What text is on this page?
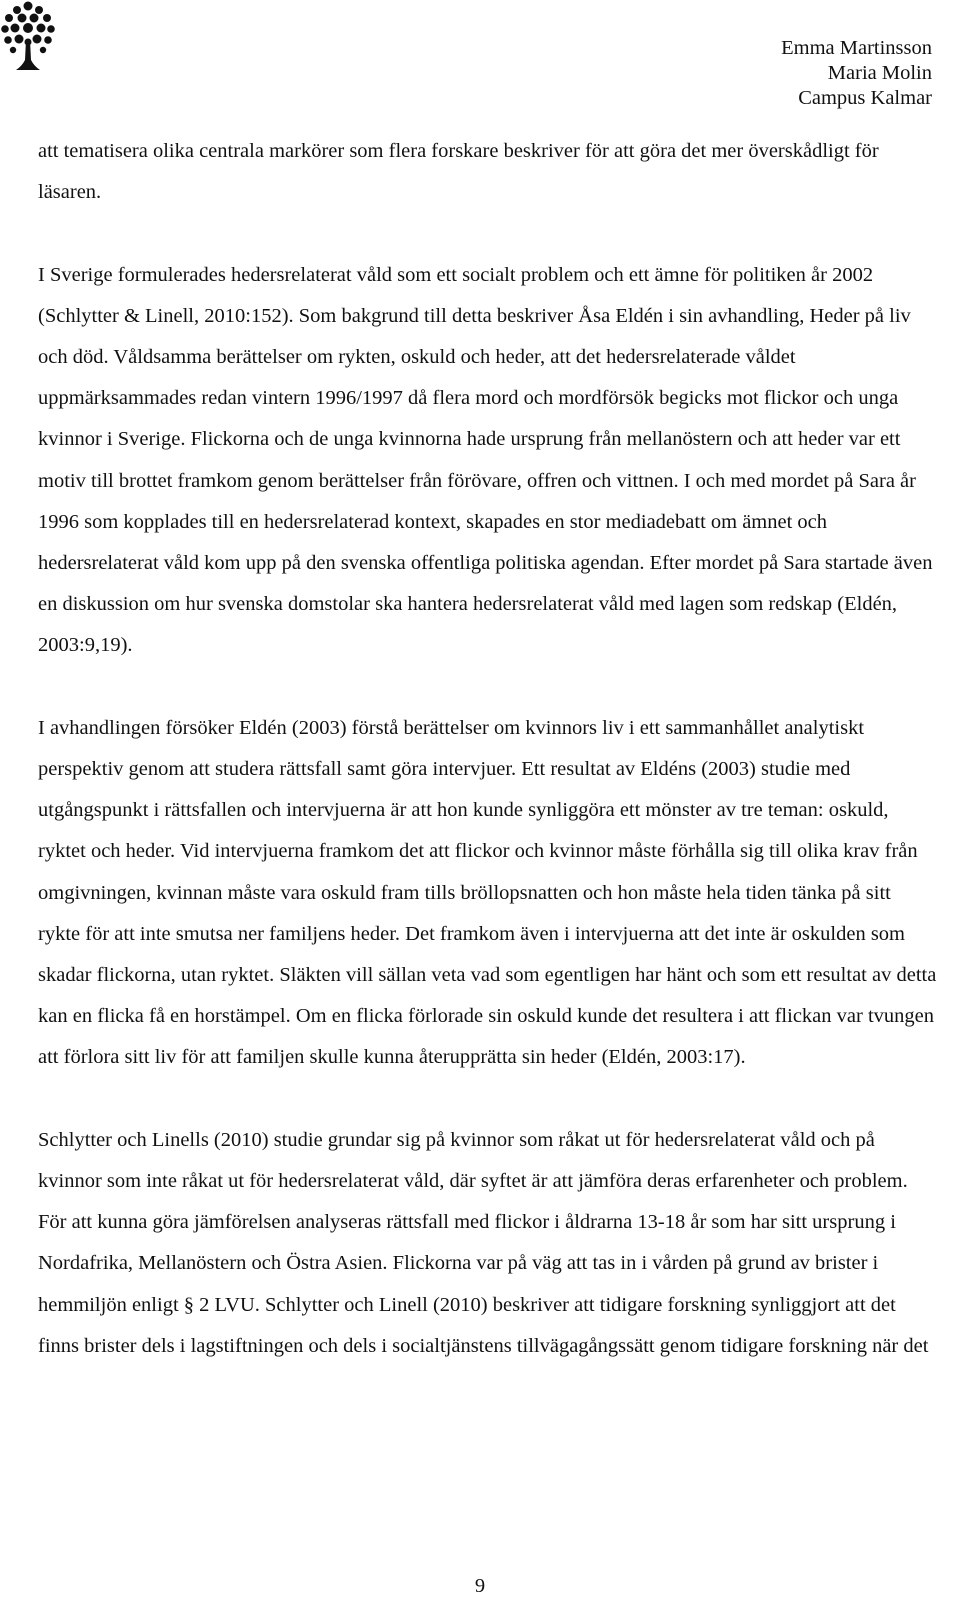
Emma Martinsson
Maria Molin
Campus Kalmar

att tematisera olika centrala markörer som flera forskare beskriver för att göra det mer överskådligt för läsaren.

I Sverige formulerades hedersrelaterat våld som ett socialt problem och ett ämne för politiken år 2002 (Schlytter & Linell, 2010:152). Som bakgrund till detta beskriver Åsa Eldén i sin avhandling, Heder på liv och död. Våldsamma berättelser om rykten, oskuld och heder, att det hedersrelaterade våldet uppmärksammades redan vintern 1996/1997 då flera mord och mordförsök begicks mot flickor och unga kvinnor i Sverige. Flickorna och de unga kvinnorna hade ursprung från mellanöstern och att heder var ett motiv till brottet framkom genom berättelser från förövare, offren och vittnen. I och med mordet på Sara år 1996 som kopplades till en hedersrelaterad kontext, skapades en stor mediadebatt om ämnet och hedersrelaterat våld kom upp på den svenska offentliga politiska agendan. Efter mordet på Sara startade även en diskussion om hur svenska domstolar ska hantera hedersrelaterat våld med lagen som redskap (Eldén, 2003:9,19).

I avhandlingen försöker Eldén (2003) förstå berättelser om kvinnors liv i ett sammanhållet analytiskt perspektiv genom att studera rättsfall samt göra intervjuer. Ett resultat av Eldéns (2003) studie med utgångspunkt i rättsfallen och intervjuerna är att hon kunde synliggöra ett mönster av tre teman: oskuld, ryktet och heder. Vid intervjuerna framkom det att flickor och kvinnor måste förhålla sig till olika krav från omgivningen, kvinnan måste vara oskuld fram tills bröllopsnatten och hon måste hela tiden tänka på sitt rykte för att inte smutsa ner familjens heder. Det framkom även i intervjuerna att det inte är oskulden som skadar flickorna, utan ryktet. Släkten vill sällan veta vad som egentligen har hänt och som ett resultat av detta kan en flicka få en horstämpel. Om en flicka förlorade sin oskuld kunde det resultera i att flickan var tvungen att förlora sitt liv för att familjen skulle kunna återupprätta sin heder (Eldén, 2003:17).

Schlytter och Linells (2010) studie grundar sig på kvinnor som råkat ut för hedersrelaterat våld och på kvinnor som inte råkat ut för hedersrelaterat våld, där syftet är att jämföra deras erfarenheter och problem. För att kunna göra jämförelsen analyseras rättsfall med flickor i åldrarna 13-18 år som har sitt ursprung i Nordafrika, Mellanöstern och Östra Asien. Flickorna var på väg att tas in i vården på grund av brister i hemmiljön enligt § 2 LVU. Schlytter och Linell (2010) beskriver att tidigare forskning synliggjort att det finns brister dels i lagstiftningen och dels i socialtjänstens tillvägagångssätt genom tidigare forskning när det

9
